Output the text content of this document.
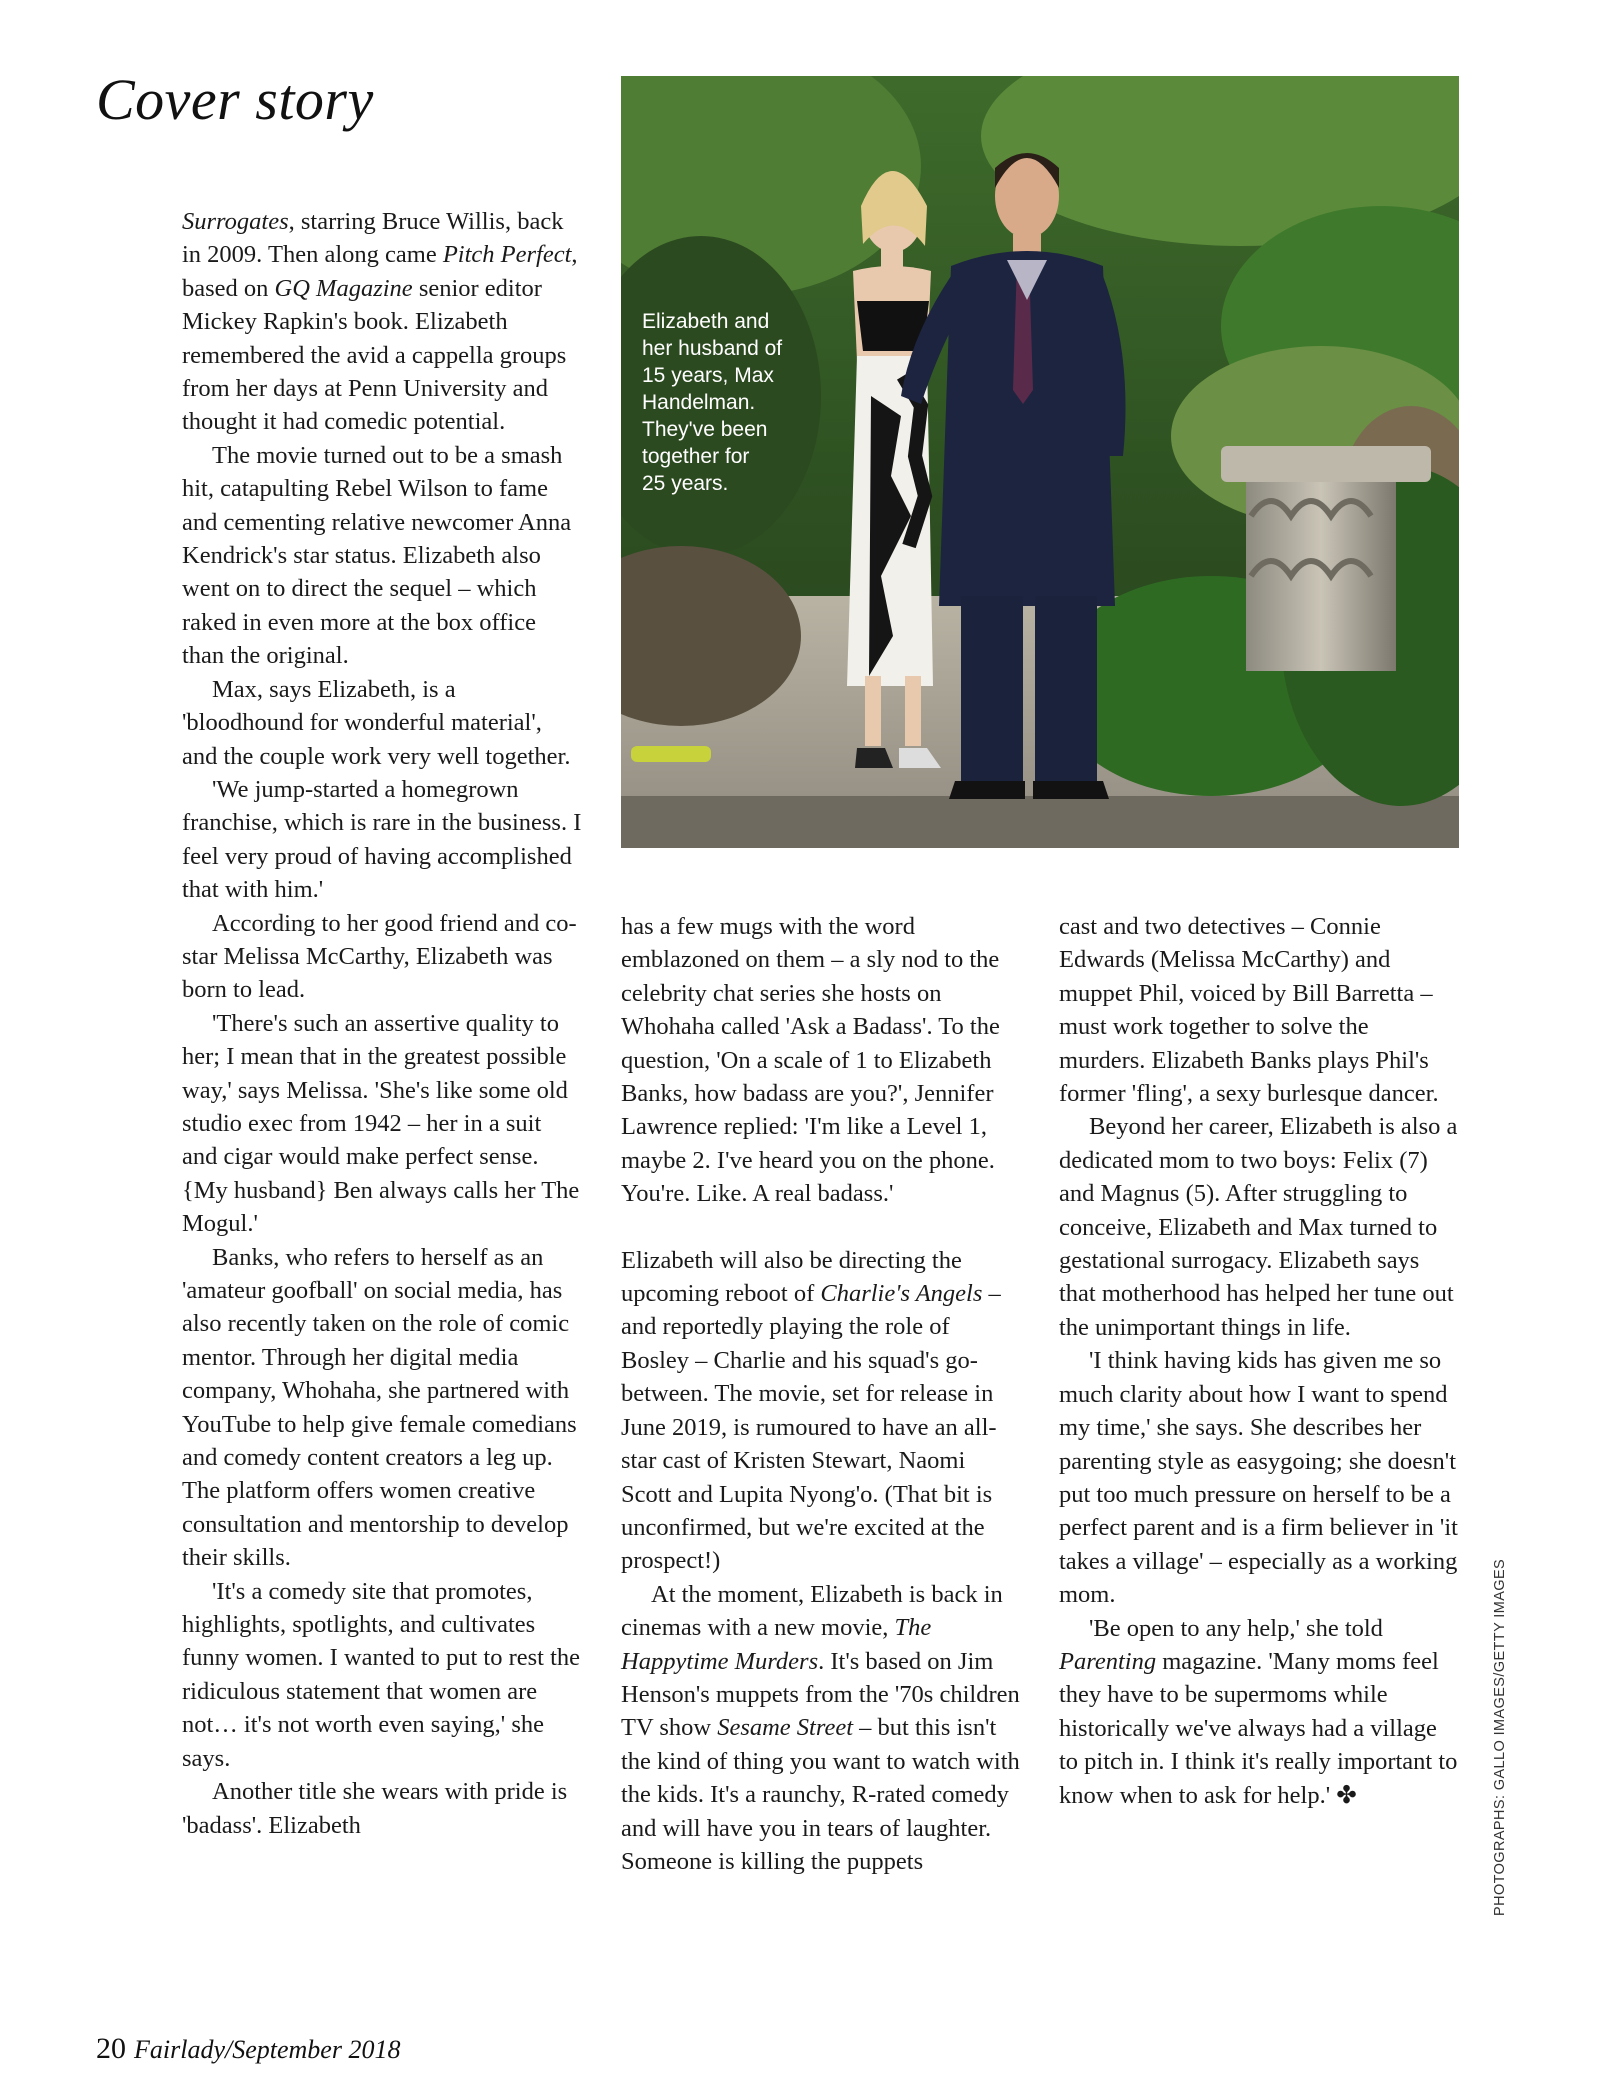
Cover story
Elizabeth and
her husband of
15 years, Max
Handelman.
They've been
together for
25 years.

Surrogates, starring Bruce Willis, back in 2009. Then along came Pitch Perfect, based on GQ Magazine senior editor Mickey Rapkin's book. Elizabeth remembered the avid a cappella groups from her days at Penn University and thought it had comedic potential.

The movie turned out to be a smash hit, catapulting Rebel Wilson to fame and cementing relative newcomer Anna Kendrick's star status. Elizabeth also went on to direct the sequel – which raked in even more at the box office than the original.

Max, says Elizabeth, is a 'bloodhound for wonderful material', and the couple work very well together.

'We jump-started a homegrown franchise, which is rare in the business. I feel very proud of having accomplished that with him.'

According to her good friend and co-star Melissa McCarthy, Elizabeth was born to lead.

'There's such an assertive quality to her; I mean that in the greatest possible way,' says Melissa. 'She's like some old studio exec from 1942 – her in a suit and cigar would make perfect sense. {My husband} Ben always calls her The Mogul.'

Banks, who refers to herself as an 'amateur goofball' on social media, has also recently taken on the role of comic mentor. Through her digital media company, Whohaha, she partnered with YouTube to help give female comedians and comedy content creators a leg up. The platform offers women creative consultation and mentorship to develop their skills.

'It's a comedy site that promotes, highlights, spotlights, and cultivates funny women. I wanted to put to rest the ridiculous statement that women are not… it's not worth even saying,' she says.

Another title she wears with pride is 'badass'. Elizabeth

has a few mugs with the word emblazoned on them – a sly nod to the celebrity chat series she hosts on Whohaha called 'Ask a Badass'. To the question, 'On a scale of 1 to Elizabeth Banks, how badass are you?', Jennifer Lawrence replied: 'I'm like a Level 1, maybe 2. I've heard you on the phone. You're. Like. A real badass.'

Elizabeth will also be directing the upcoming reboot of Charlie's Angels – and reportedly playing the role of Bosley – Charlie and his squad's go-between. The movie, set for release in June 2019, is rumoured to have an all-star cast of Kristen Stewart, Naomi Scott and Lupita Nyong'o. (That bit is unconfirmed, but we're excited at the prospect!)

At the moment, Elizabeth is back in cinemas with a new movie, The Happytime Murders. It's based on Jim Henson's muppets from the '70s children TV show Sesame Street – but this isn't the kind of thing you want to watch with the kids. It's a raunchy, R-rated comedy and will have you in tears of laughter. Someone is killing the puppets

cast and two detectives – Connie Edwards (Melissa McCarthy) and muppet Phil, voiced by Bill Barretta – must work together to solve the murders. Elizabeth Banks plays Phil's former 'fling', a sexy burlesque dancer.

Beyond her career, Elizabeth is also a dedicated mom to two boys: Felix (7) and Magnus (5). After struggling to conceive, Elizabeth and Max turned to gestational surrogacy. Elizabeth says that motherhood has helped her tune out the unimportant things in life.

'I think having kids has given me so much clarity about how I want to spend my time,' she says. She describes her parenting style as easygoing; she doesn't put too much pressure on herself to be a perfect parent and is a firm believer in 'it takes a village' – especially as a working mom.

'Be open to any help,' she told Parenting magazine. 'Many moms feel they have to be supermoms while historically we've always had a village to pitch in. I think it's really important to know when to ask for help.' ✤	PHOTOGRAPHS: GALLO IMAGES/GETTY IMAGES
20 Fairlady/September 2018
